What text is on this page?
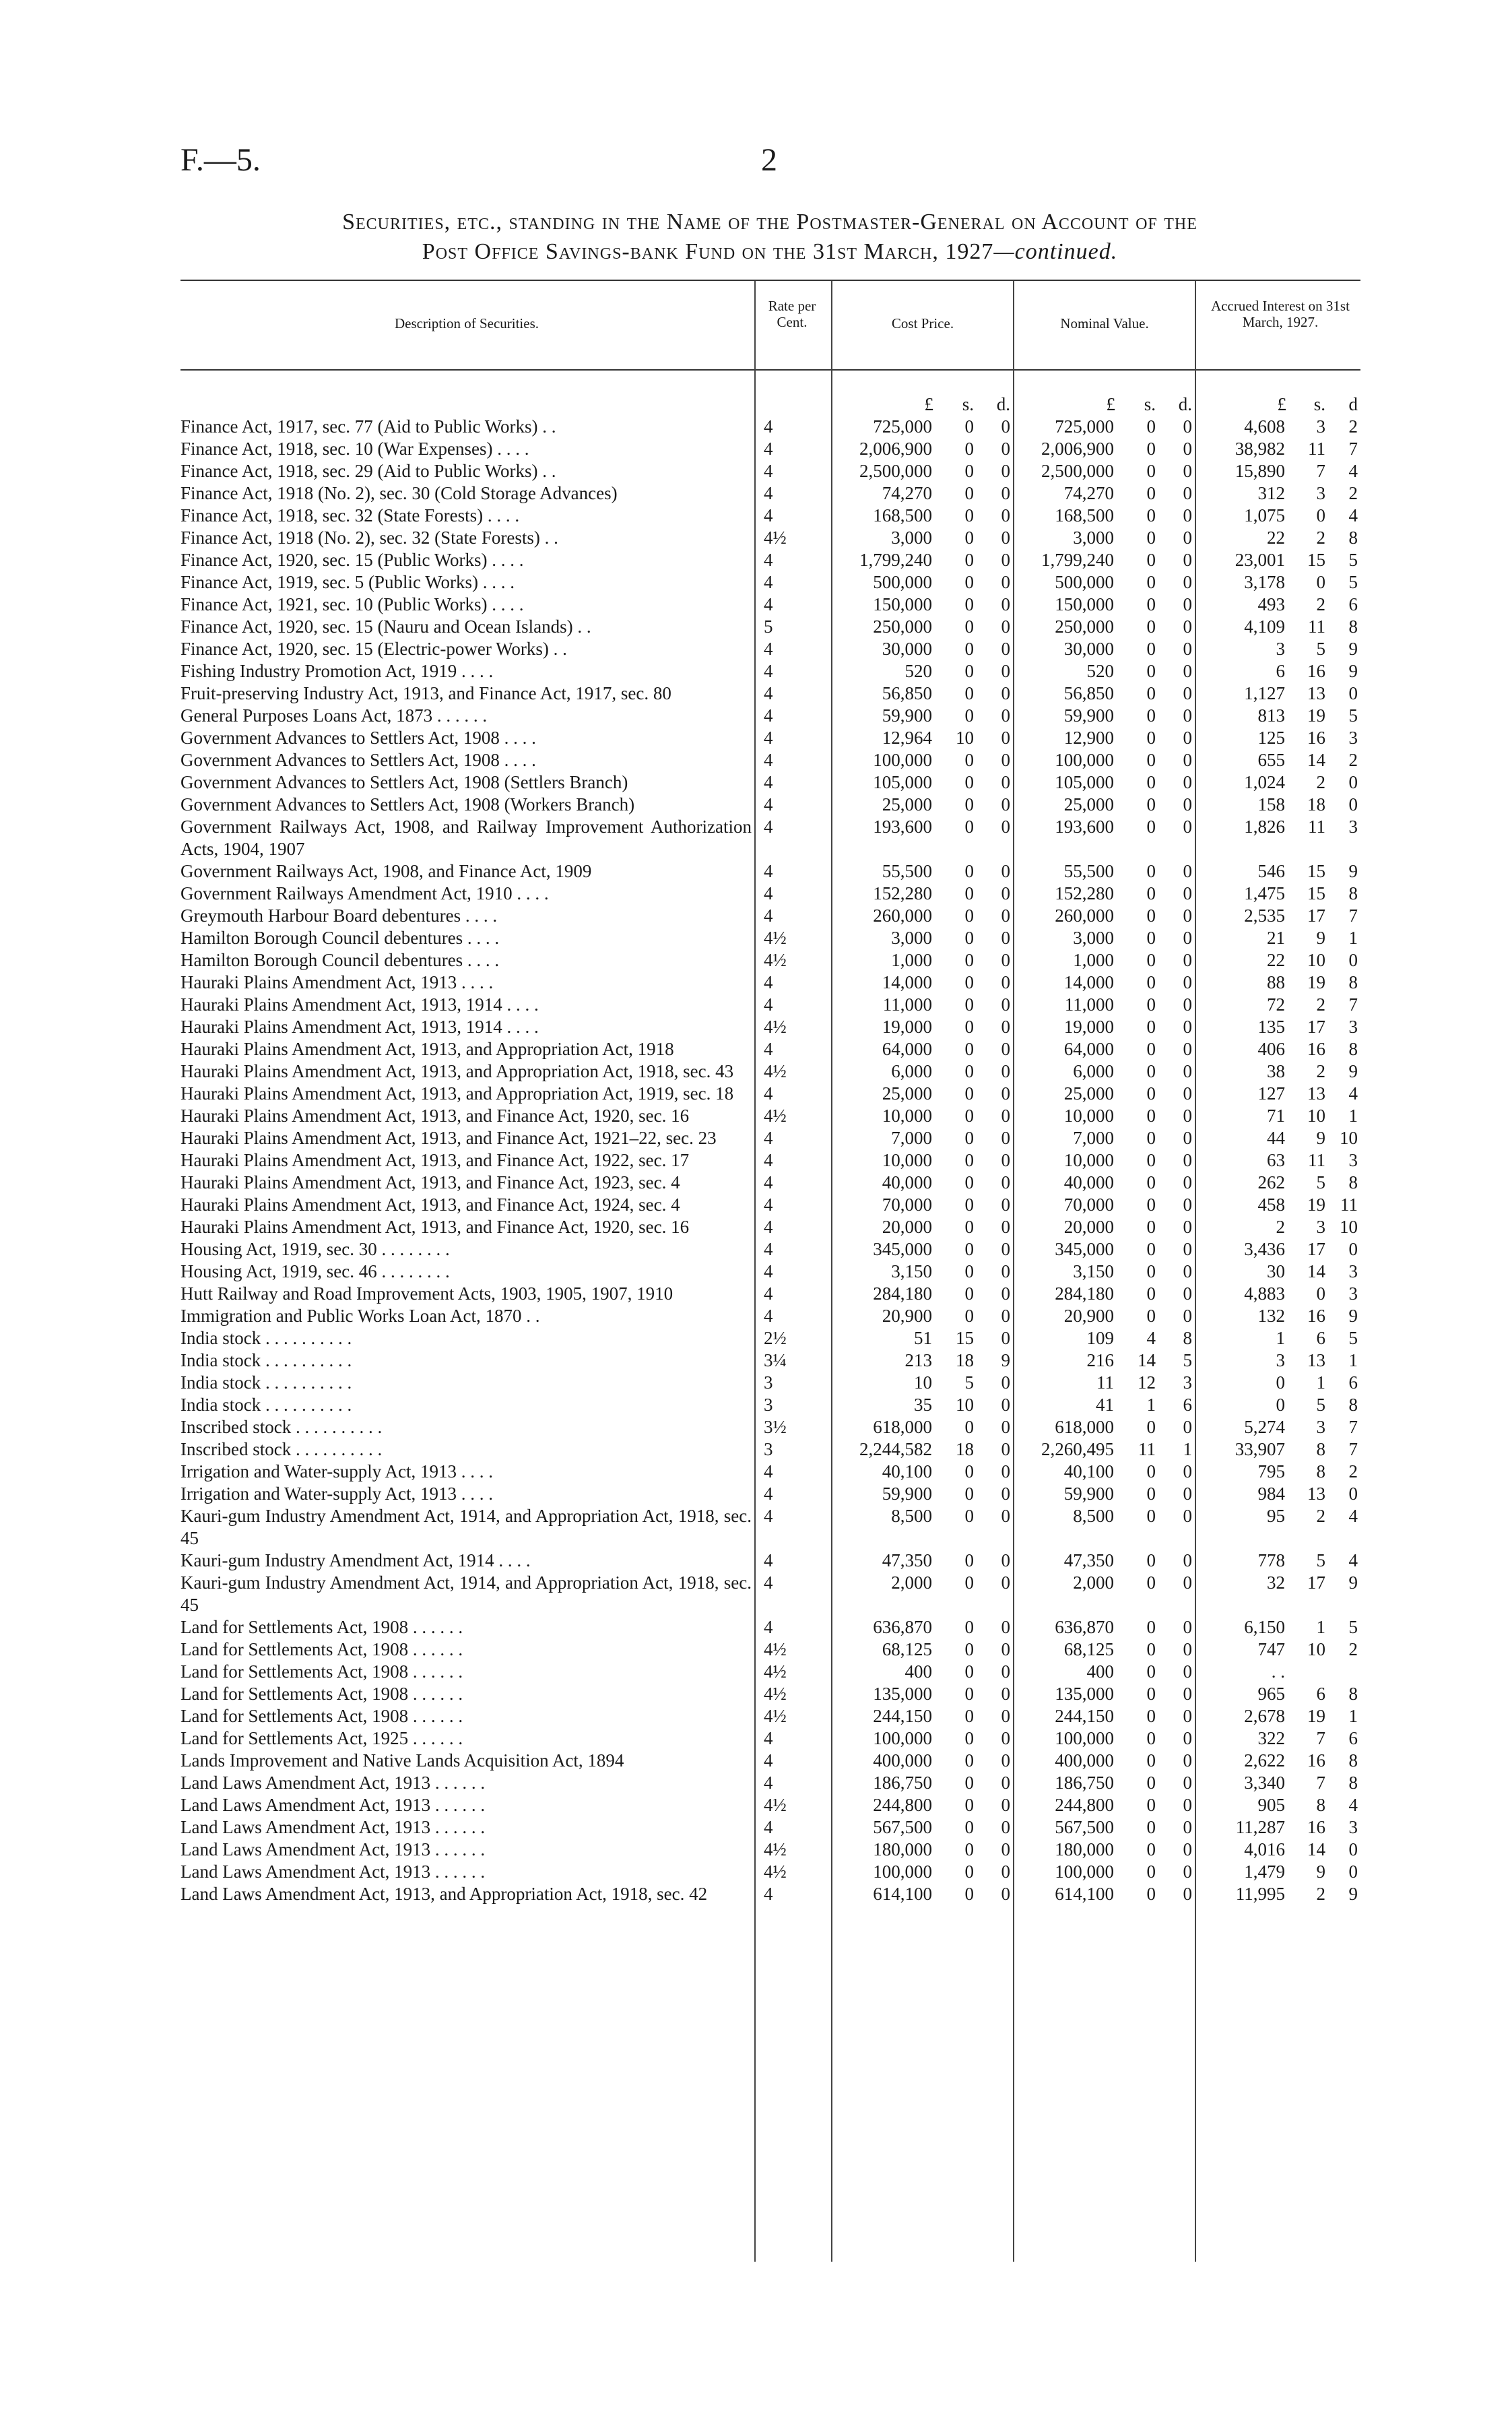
F.—5.	2
Securities, etc., standing in the Name of the Postmaster-General on Account of the
Post Office Savings-bank Fund on the 31st March, 1927—continued.
Description of Securities.
Rate per Cent.	Cost Price.	Nominal Value.
Accrued Interest on 31st March, 1927.
		£	s.	d.	£	s.	d.	£	s.	d
Finance Act, 1917, sec. 77 (Aid to Public Works) . .	4	725,000	0	0	725,000	0	0	4,608	3	2
Finance Act, 1918, sec. 10 (War Expenses) . . . .	4	2,006,900	0	0	2,006,900	0	0	38,982	11	7
Finance Act, 1918, sec. 29 (Aid to Public Works) . .	4	2,500,000	0	0	2,500,000	0	0	15,890	7	4
Finance Act, 1918 (No. 2), sec. 30 (Cold Storage Advances)	4	74,270	0	0	74,270	0	0	312	3	2
Finance Act, 1918, sec. 32 (State Forests) . . . .	4	168,500	0	0	168,500	0	0	1,075	0	4
Finance Act, 1918 (No. 2), sec. 32 (State Forests) . .	4½	3,000	0	0	3,000	0	0	22	2	8
Finance Act, 1920, sec. 15 (Public Works) . . . .	4	1,799,240	0	0	1,799,240	0	0	23,001	15	5
Finance Act, 1919, sec. 5 (Public Works) . . . .	4	500,000	0	0	500,000	0	0	3,178	0	5
Finance Act, 1921, sec. 10 (Public Works) . . . .	4	150,000	0	0	150,000	0	0	493	2	6
Finance Act, 1920, sec. 15 (Nauru and Ocean Islands) . .	5	250,000	0	0	250,000	0	0	4,109	11	8
Finance Act, 1920, sec. 15 (Electric-power Works) . .	4	30,000	0	0	30,000	0	0	3	5	9
Fishing Industry Promotion Act, 1919 . . . .	4	520	0	0	520	0	0	6	16	9
Fruit-preserving Industry Act, 1913, and Finance Act, 1917, sec. 80	4	56,850	0	0	56,850	0	0	1,127	13	0
General Purposes Loans Act, 1873 . . . . . .	4	59,900	0	0	59,900	0	0	813	19	5
Government Advances to Settlers Act, 1908 . . . .	4	12,964	10	0	12,900	0	0	125	16	3
Government Advances to Settlers Act, 1908 . . . .	4	100,000	0	0	100,000	0	0	655	14	2
Government Advances to Settlers Act, 1908 (Settlers Branch)	4	105,000	0	0	105,000	0	0	1,024	2	0
Government Advances to Settlers Act, 1908 (Workers Branch)	4	25,000	0	0	25,000	0	0	158	18	0
Government Railways Act, 1908, and Railway Improvement Authorization Acts, 1904, 1907	4	193,600	0	0	193,600	0	0	1,826	11	3
Government Railways Act, 1908, and Finance Act, 1909	4	55,500	0	0	55,500	0	0	546	15	9
Government Railways Amendment Act, 1910 . . . .	4	152,280	0	0	152,280	0	0	1,475	15	8
Greymouth Harbour Board debentures . . . .	4	260,000	0	0	260,000	0	0	2,535	17	7
Hamilton Borough Council debentures . . . .	4½	3,000	0	0	3,000	0	0	21	9	1
Hamilton Borough Council debentures . . . .	4½	1,000	0	0	1,000	0	0	22	10	0
Hauraki Plains Amendment Act, 1913 . . . .	4	14,000	0	0	14,000	0	0	88	19	8
Hauraki Plains Amendment Act, 1913, 1914 . . . .	4	11,000	0	0	11,000	0	0	72	2	7
Hauraki Plains Amendment Act, 1913, 1914 . . . .	4½	19,000	0	0	19,000	0	0	135	17	3
Hauraki Plains Amendment Act, 1913, and Appropriation Act, 1918	4	64,000	0	0	64,000	0	0	406	16	8
Hauraki Plains Amendment Act, 1913, and Appropriation Act, 1918, sec. 43	4½	6,000	0	0	6,000	0	0	38	2	9
Hauraki Plains Amendment Act, 1913, and Appropriation Act, 1919, sec. 18	4	25,000	0	0	25,000	0	0	127	13	4
Hauraki Plains Amendment Act, 1913, and Finance Act, 1920, sec. 16	4½	10,000	0	0	10,000	0	0	71	10	1
Hauraki Plains Amendment Act, 1913, and Finance Act, 1921–22, sec. 23	4	7,000	0	0	7,000	0	0	44	9	10
Hauraki Plains Amendment Act, 1913, and Finance Act, 1922, sec. 17	4	10,000	0	0	10,000	0	0	63	11	3
Hauraki Plains Amendment Act, 1913, and Finance Act, 1923, sec. 4	4	40,000	0	0	40,000	0	0	262	5	8
Hauraki Plains Amendment Act, 1913, and Finance Act, 1924, sec. 4	4	70,000	0	0	70,000	0	0	458	19	11
Hauraki Plains Amendment Act, 1913, and Finance Act, 1920, sec. 16	4	20,000	0	0	20,000	0	0	2	3	10
Housing Act, 1919, sec. 30 . . . . . . . .	4	345,000	0	0	345,000	0	0	3,436	17	0
Housing Act, 1919, sec. 46 . . . . . . . .	4	3,150	0	0	3,150	0	0	30	14	3
Hutt Railway and Road Improvement Acts, 1903, 1905, 1907, 1910	4	284,180	0	0	284,180	0	0	4,883	0	3
Immigration and Public Works Loan Act, 1870 . .	4	20,900	0	0	20,900	0	0	132	16	9
India stock . . . . . . . . . .	2½	51	15	0	109	4	8	1	6	5
India stock . . . . . . . . . .	3¼	213	18	9	216	14	5	3	13	1
India stock . . . . . . . . . .	3	10	5	0	11	12	3	0	1	6
India stock . . . . . . . . . .	3	35	10	0	41	1	6	0	5	8
Inscribed stock . . . . . . . . . .	3½	618,000	0	0	618,000	0	0	5,274	3	7
Inscribed stock . . . . . . . . . .	3	2,244,582	18	0	2,260,495	11	1	33,907	8	7
Irrigation and Water-supply Act, 1913 . . . .	4	40,100	0	0	40,100	0	0	795	8	2
Irrigation and Water-supply Act, 1913 . . . .	4	59,900	0	0	59,900	0	0	984	13	0
Kauri-gum Industry Amendment Act, 1914, and Appropriation Act, 1918, sec. 45	4	8,500	0	0	8,500	0	0	95	2	4
Kauri-gum Industry Amendment Act, 1914 . . . .	4	47,350	0	0	47,350	0	0	778	5	4
Kauri-gum Industry Amendment Act, 1914, and Appropriation Act, 1918, sec. 45	4	2,000	0	0	2,000	0	0	32	17	9
Land for Settlements Act, 1908 . . . . . .	4	636,870	0	0	636,870	0	0	6,150	1	5
Land for Settlements Act, 1908 . . . . . .	4½	68,125	0	0	68,125	0	0	747	10	2
Land for Settlements Act, 1908 . . . . . .	4½	400	0	0	400	0	0	. .		
Land for Settlements Act, 1908 . . . . . .	4½	135,000	0	0	135,000	0	0	965	6	8
Land for Settlements Act, 1908 . . . . . .	4½	244,150	0	0	244,150	0	0	2,678	19	1
Land for Settlements Act, 1925 . . . . . .	4	100,000	0	0	100,000	0	0	322	7	6
Lands Improvement and Native Lands Acquisition Act, 1894	4	400,000	0	0	400,000	0	0	2,622	16	8
Land Laws Amendment Act, 1913 . . . . . .	4	186,750	0	0	186,750	0	0	3,340	7	8
Land Laws Amendment Act, 1913 . . . . . .	4½	244,800	0	0	244,800	0	0	905	8	4
Land Laws Amendment Act, 1913 . . . . . .	4	567,500	0	0	567,500	0	0	11,287	16	3
Land Laws Amendment Act, 1913 . . . . . .	4½	180,000	0	0	180,000	0	0	4,016	14	0
Land Laws Amendment Act, 1913 . . . . . .	4½	100,000	0	0	100,000	0	0	1,479	9	0
Land Laws Amendment Act, 1913, and Appropriation Act, 1918, sec. 42	4	614,100	0	0	614,100	0	0	11,995	2	9
